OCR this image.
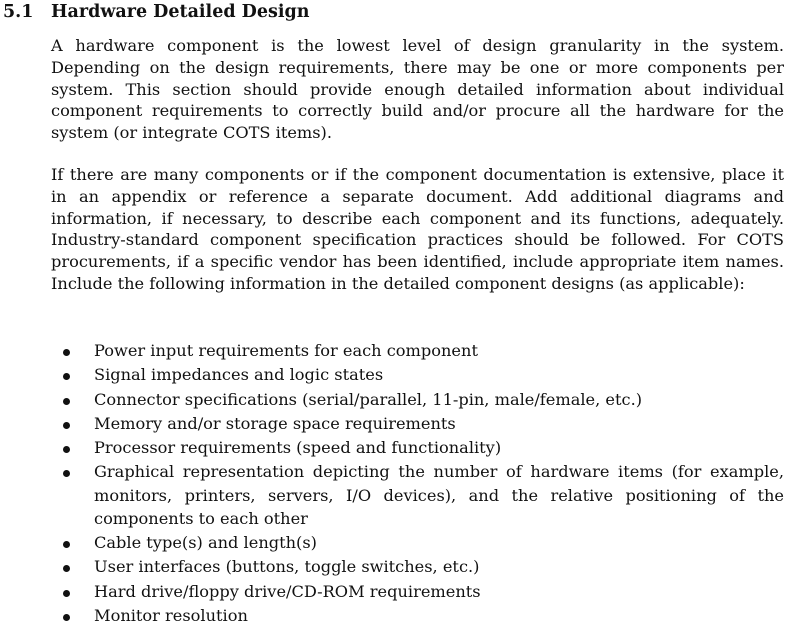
5.1 Hardware Detailed Design

A hardware component is the lowest level of design granularity in the system. Depending on the design requirements, there may be one or more components per system. This section should provide enough detailed information about individual component requirements to correctly build and/or procure all the hardware for the system (or integrate COTS items).

If there are many components or if the component documentation is extensive, place it in an appendix or reference a separate document. Add additional diagrams and information, if necessary, to describe each component and its functions, adequately. Industry-standard component specification practices should be followed. For COTS procurements, if a specific vendor has been identified, include appropriate item names. Include the following information in the detailed component designs (as applicable):

Power input requirements for each component
Signal impedances and logic states
Connector specifications (serial/parallel, 11-pin, male/female, etc.)
Memory and/or storage space requirements
Processor requirements (speed and functionality)
Graphical representation depicting the number of hardware items (for example, monitors, printers, servers, I/O devices), and the relative positioning of the components to each other
Cable type(s) and length(s)
User interfaces (buttons, toggle switches, etc.)
Hard drive/floppy drive/CD-ROM requirements
Monitor resolution
